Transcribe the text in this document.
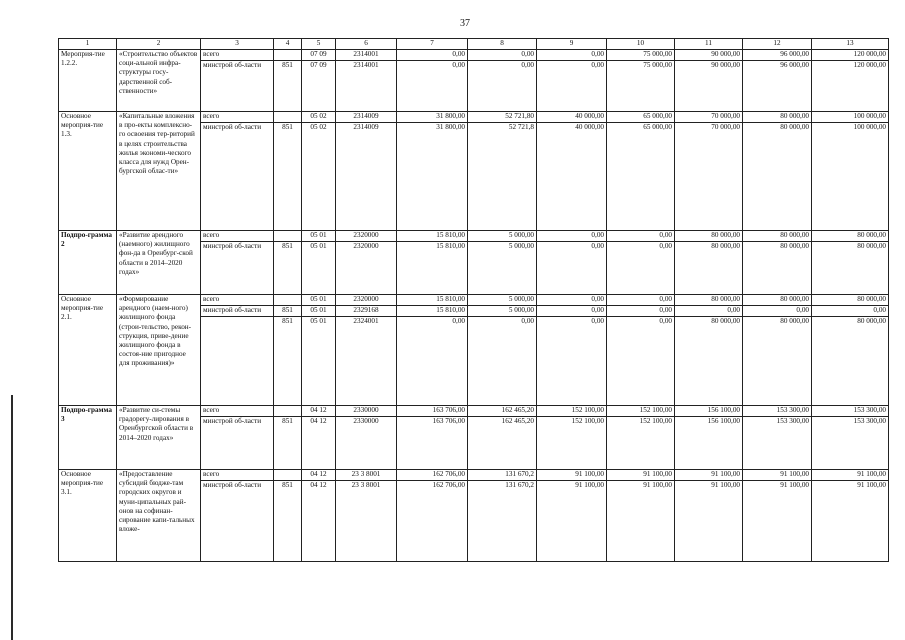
37
1	2	3	4	5	6	7	8	9	10	11	12	13
Мероприя-тие 1.2.2.	«Строительство объектов соци-альной инфра-структуры госу-дарственной соб-ственности»	всего		07 09	2314001	0,00	0,00	0,00	75 000,00	90 000,00	96 000,00	120 000,00
		минстрой об-ласти	851	07 09	2314001	0,00	0,00	0,00	75 000,00	90 000,00	96 000,00	120 000,00
Основное мероприя-тие 1.3.	«Капитальные вложения в про-екты комплексно-го освоения тер-риторий в целях строительства жилья экономи-ческого класса для нужд Орен-бургской облас-ти»	всего		05 02	2314009	31 800,00	52 721,80	40 000,00	65 000,00	70 000,00	80 000,00	100 000,00
		минстрой об-ласти	851	05 02	2314009	31 800,00	52 721,8	40 000,00	65 000,00	70 000,00	80 000,00	100 000,00
Подпро-грамма 2	«Развитие арендного (наемного) жилищного фон-да в Оренбург-ской области в 2014–2020 годах»	всего		05 01	2320000	15 810,00	5 000,00	0,00	0,00	80 000,00	80 000,00	80 000,00
		минстрой об-ласти	851	05 01	2320000	15 810,00	5 000,00	0,00	0,00	80 000,00	80 000,00	80 000,00
Основное мероприя-тие 2.1.	«Формирование арендного (наем-ного) жилищного фонда (строи-тельство, рекон-струкция, приве-дение жилищного фонда в состоя-ние пригодное для проживания)»	всего		05 01	2320000	15 810,00	5 000,00	0,00	0,00	80 000,00	80 000,00	80 000,00
		минстрой об-ласти	851	05 01	2329168	15 810,00	5 000,00	0,00	0,00	0,00	0,00	0,00
			851	05 01	2324001	0,00	0,00	0,00	0,00	80 000,00	80 000,00	80 000,00
Подпро-грамма 3	«Развитие си-стемы градорегу-лирования в Оренбургской области в 2014–2020 годах»	всего		04 12	2330000	163 706,00	162 465,20	152 100,00	152 100,00	156 100,00	153 300,00	153 300,00
		минстрой об-ласти	851	04 12	2330000	163 706,00	162 465,20	152 100,00	152 100,00	156 100,00	153 300,00	153 300,00
Основное мероприя-тие 3.1.	«Предоставление субсидий бюдже-там городских округов и муни-ципальных рай-онов на софинан-сирование капи-тальных вложе-	всего		04 12	23 3 8001	162 706,00	131 670,2	91 100,00	91 100,00	91 100,00	91 100,00	91 100,00
		минстрой об-ласти	851	04 12	23 3 8001	162 706,00	131 670,2	91 100,00	91 100,00	91 100,00	91 100,00	91 100,00
